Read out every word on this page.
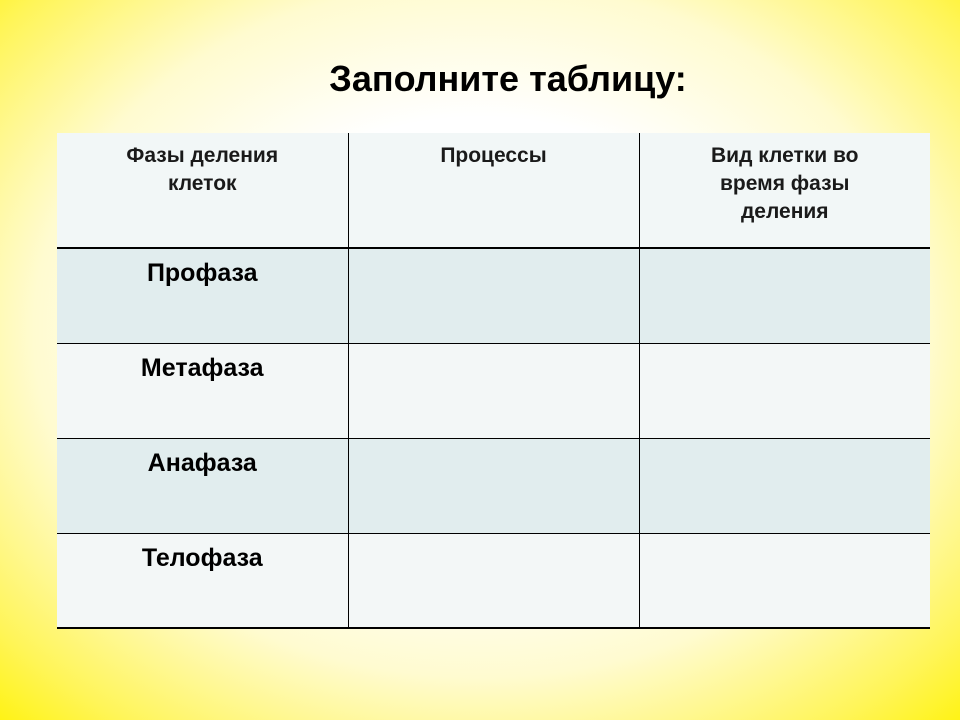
Заполните таблицу:
Фазы деления клеток	Процессы	Вид клетки во время фазы деления

Профаза		
Метафаза		
Анафаза		
Телофаза		
